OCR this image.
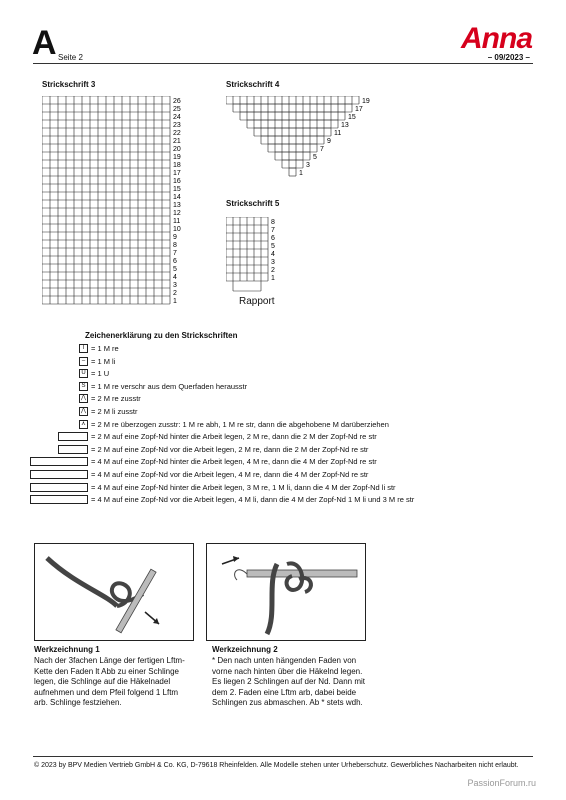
A Seite 2
Anna
– 09/2023 –
Strickschrift 3
26
25
24
23
22
21
20
19
18
17
16
15
14
13
12
11
10
9
8
7
6
5
4
3
2
1
Strickschrift 4
19
17
15
13
11
9
7
5
3
1
Strickschrift 5
8
7
6
5
4
3
2
1
Rapport
Zeichenerklärung zu den Strickschriften
I = 1 M re
– = 1 M li
U = 1 U
S = 1 M re verschr aus dem Querfaden herausstr
⋀ = 2 M re zusstr
⋀ = 2 M li zusstr
⋏ = 2 M re überzogen zusstr: 1 M re abh, 1 M re str, dann die abgehobene M darüberziehen
= 2 M auf eine Zopf-Nd hinter die Arbeit legen, 2 M re, dann die 2 M der Zopf-Nd re str
= 2 M auf eine Zopf-Nd vor die Arbeit legen, 2 M re, dann die 2 M der Zopf-Nd re str
= 4 M auf eine Zopf-Nd hinter die Arbeit legen, 4 M re, dann die 4 M der Zopf-Nd re str
= 4 M auf eine Zopf-Nd vor die Arbeit legen, 4 M re, dann die 4 M der Zopf-Nd re str
= 4 M auf eine Zopf-Nd hinter die Arbeit legen, 3 M re, 1 M li, dann die 4 M der Zopf-Nd li str
= 4 M auf eine Zopf-Nd vor die Arbeit legen, 4 M li, dann die 4 M der Zopf-Nd 1 M li und 3 M re str
Werkzeichnung 1
Nach der 3fachen Länge der fertigen Lftm-Kette den Faden lt Abb zu einer Schlinge legen, die Schlinge auf die Häkelnadel aufnehmen und dem Pfeil folgend 1 Lftm arb. Schlinge festziehen.
Werkzeichnung 2
* Den nach unten hängenden Faden von vorne nach hinten über die Häkelnd legen. Es liegen 2 Schlingen auf der Nd. Dann mit dem 2. Faden eine Lftm arb, dabei beide Schlingen zus abmaschen. Ab * stets wdh.
© 2023 by BPV Medien Vertrieb GmbH & Co. KG, D-79618 Rheinfelden. Alle Modelle stehen unter Urheberschutz. Gewerbliches Nacharbeiten nicht erlaubt.
PassionForum.ru
